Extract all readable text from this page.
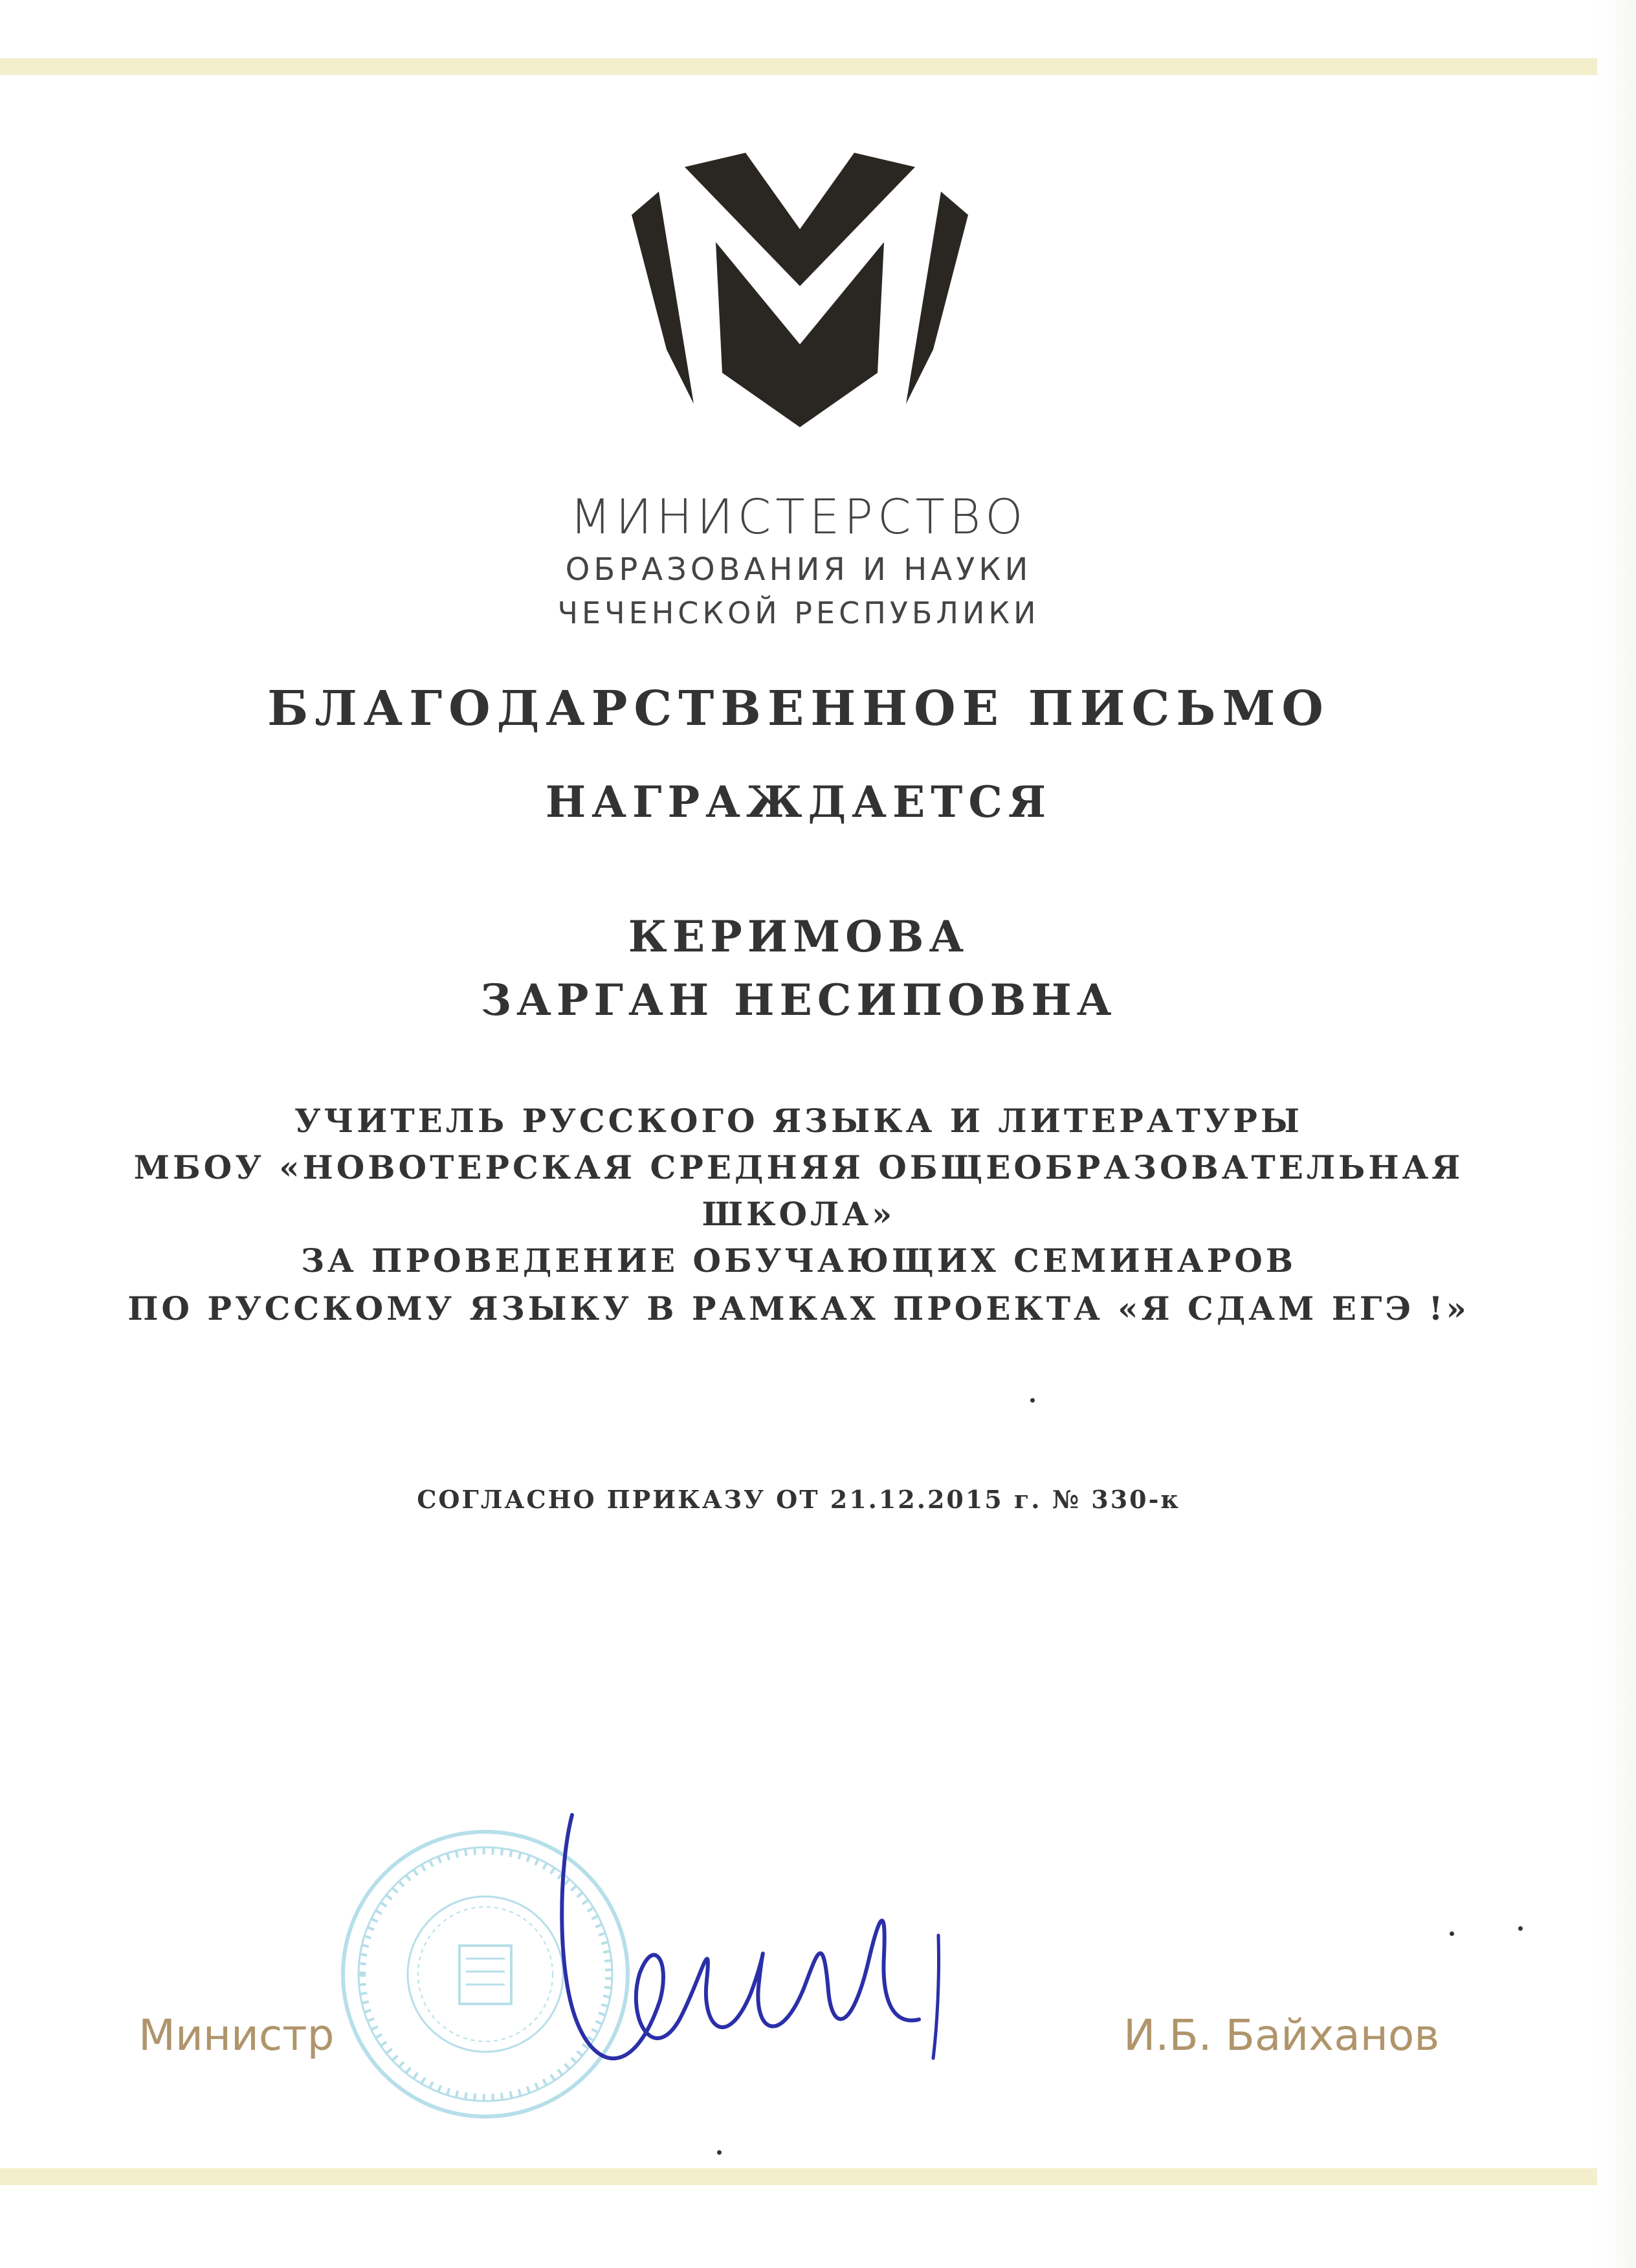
МИНИСТЕРСТВО
ОБРАЗОВАНИЯ И НАУКИ
ЧЕЧЕНСКОЙ РЕСПУБЛИКИ
БЛАГОДАРСТВЕННОЕ ПИСЬМО
НАГРАЖДАЕТСЯ
КЕРИМОВА
ЗАРГАН НЕСИПОВНА
УЧИТЕЛЬ РУССКОГО ЯЗЫКА И ЛИТЕРАТУРЫ
МБОУ «НОВОТЕРСКАЯ СРЕДНЯЯ ОБЩЕОБРАЗОВАТЕЛЬНАЯ
ШКОЛА»
ЗА ПРОВЕДЕНИЕ ОБУЧАЮЩИХ СЕМИНАРОВ
ПО РУССКОМУ ЯЗЫКУ В РАМКАХ ПРОЕКТА «Я СДАМ ЕГЭ !»
СОГЛАСНО ПРИКАЗУ ОТ 21.12.2015 г. № 330-к
Министр	И.Б. Байханов
